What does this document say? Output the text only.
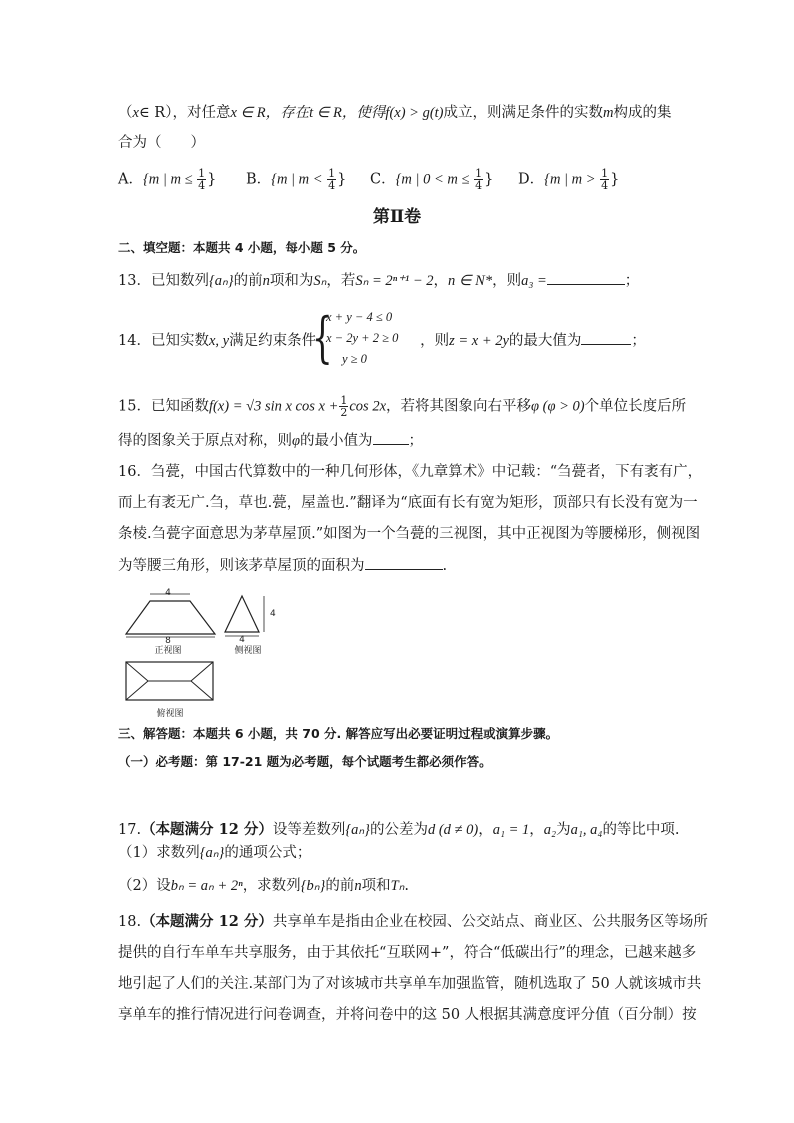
（x∈ R），对任意x ∈ R，存在t ∈ R，使得f(x) > g(t)成立，则满足条件的实数m构成的集
合为（　　）
A．{m | $m \le \frac{1}{4}$ } B．{m | $m < \frac{1}{4}$ } C．{m | $0 < m \le \frac{1}{4}$ } D．{m | $m > \frac{1}{4}$ }
第Ⅱ卷
二、填空题：本题共 4 小题，每小题 5 分。
13．已知数列{aₙ}的前n项和为Sₙ，若Sₙ = 2ⁿ⁺¹ − 2，n ∈ N*，则a₃ =	；
14．已知实数x, y满足约束条件	，则z = x + 2y的最大值为	；
{
x + y − 4 ≤ 0
x − 2y + 2 ≥ 0
y ≥ 0
15．已知函数f(x) = √3 sin x $\cos x + \frac{1}{2}$ cos 2x，若将其图象向右平移φ (φ > 0)个单位长度后所
得的图象关于原点对称，则φ的最小值为 ；
16．刍甍，中国古代算数中的一种几何形体，《九章算术》中记载：“刍甍者，下有袤有广，
而上有袤无广.刍，草也.甍，屋盖也.”翻译为“底面有长有宽为矩形，顶部只有长没有宽为一
条棱.刍甍字面意思为茅草屋顶.”如图为一个刍甍的三视图，其中正视图为等腰梯形，侧视图
为等腰三角形，则该茅草屋顶的面积为	.
4
8
正视图
4
4
侧视图
俯视图
三、解答题：本题共 6 小题，共 70 分. 解答应写出必要证明过程或演算步骤。
（一）必考题：第 17-21 题为必考题，每个试题考生都必须作答。
17.（本题满分 12 分）设等差数列{aₙ}的公差为d (d ≠ 0)，a₁ = 1，a₂为a₁, a₄的等比中项.
（1）求数列{aₙ}的通项公式；
（2）设bₙ = aₙ + 2ⁿ，求数列{bₙ}的前n项和Tₙ.
18.（本题满分 12 分）共享单车是指由企业在校园、公交站点、商业区、公共服务区等场所
提供的自行车单车共享服务，由于其依托“互联网+”，符合“低碳出行”的理念，已越来越多
地引起了人们的关注.某部门为了对该城市共享单车加强监管，随机选取了 50 人就该城市共
享单车的推行情况进行问卷调查，并将问卷中的这 50 人根据其满意度评分值（百分制）按
